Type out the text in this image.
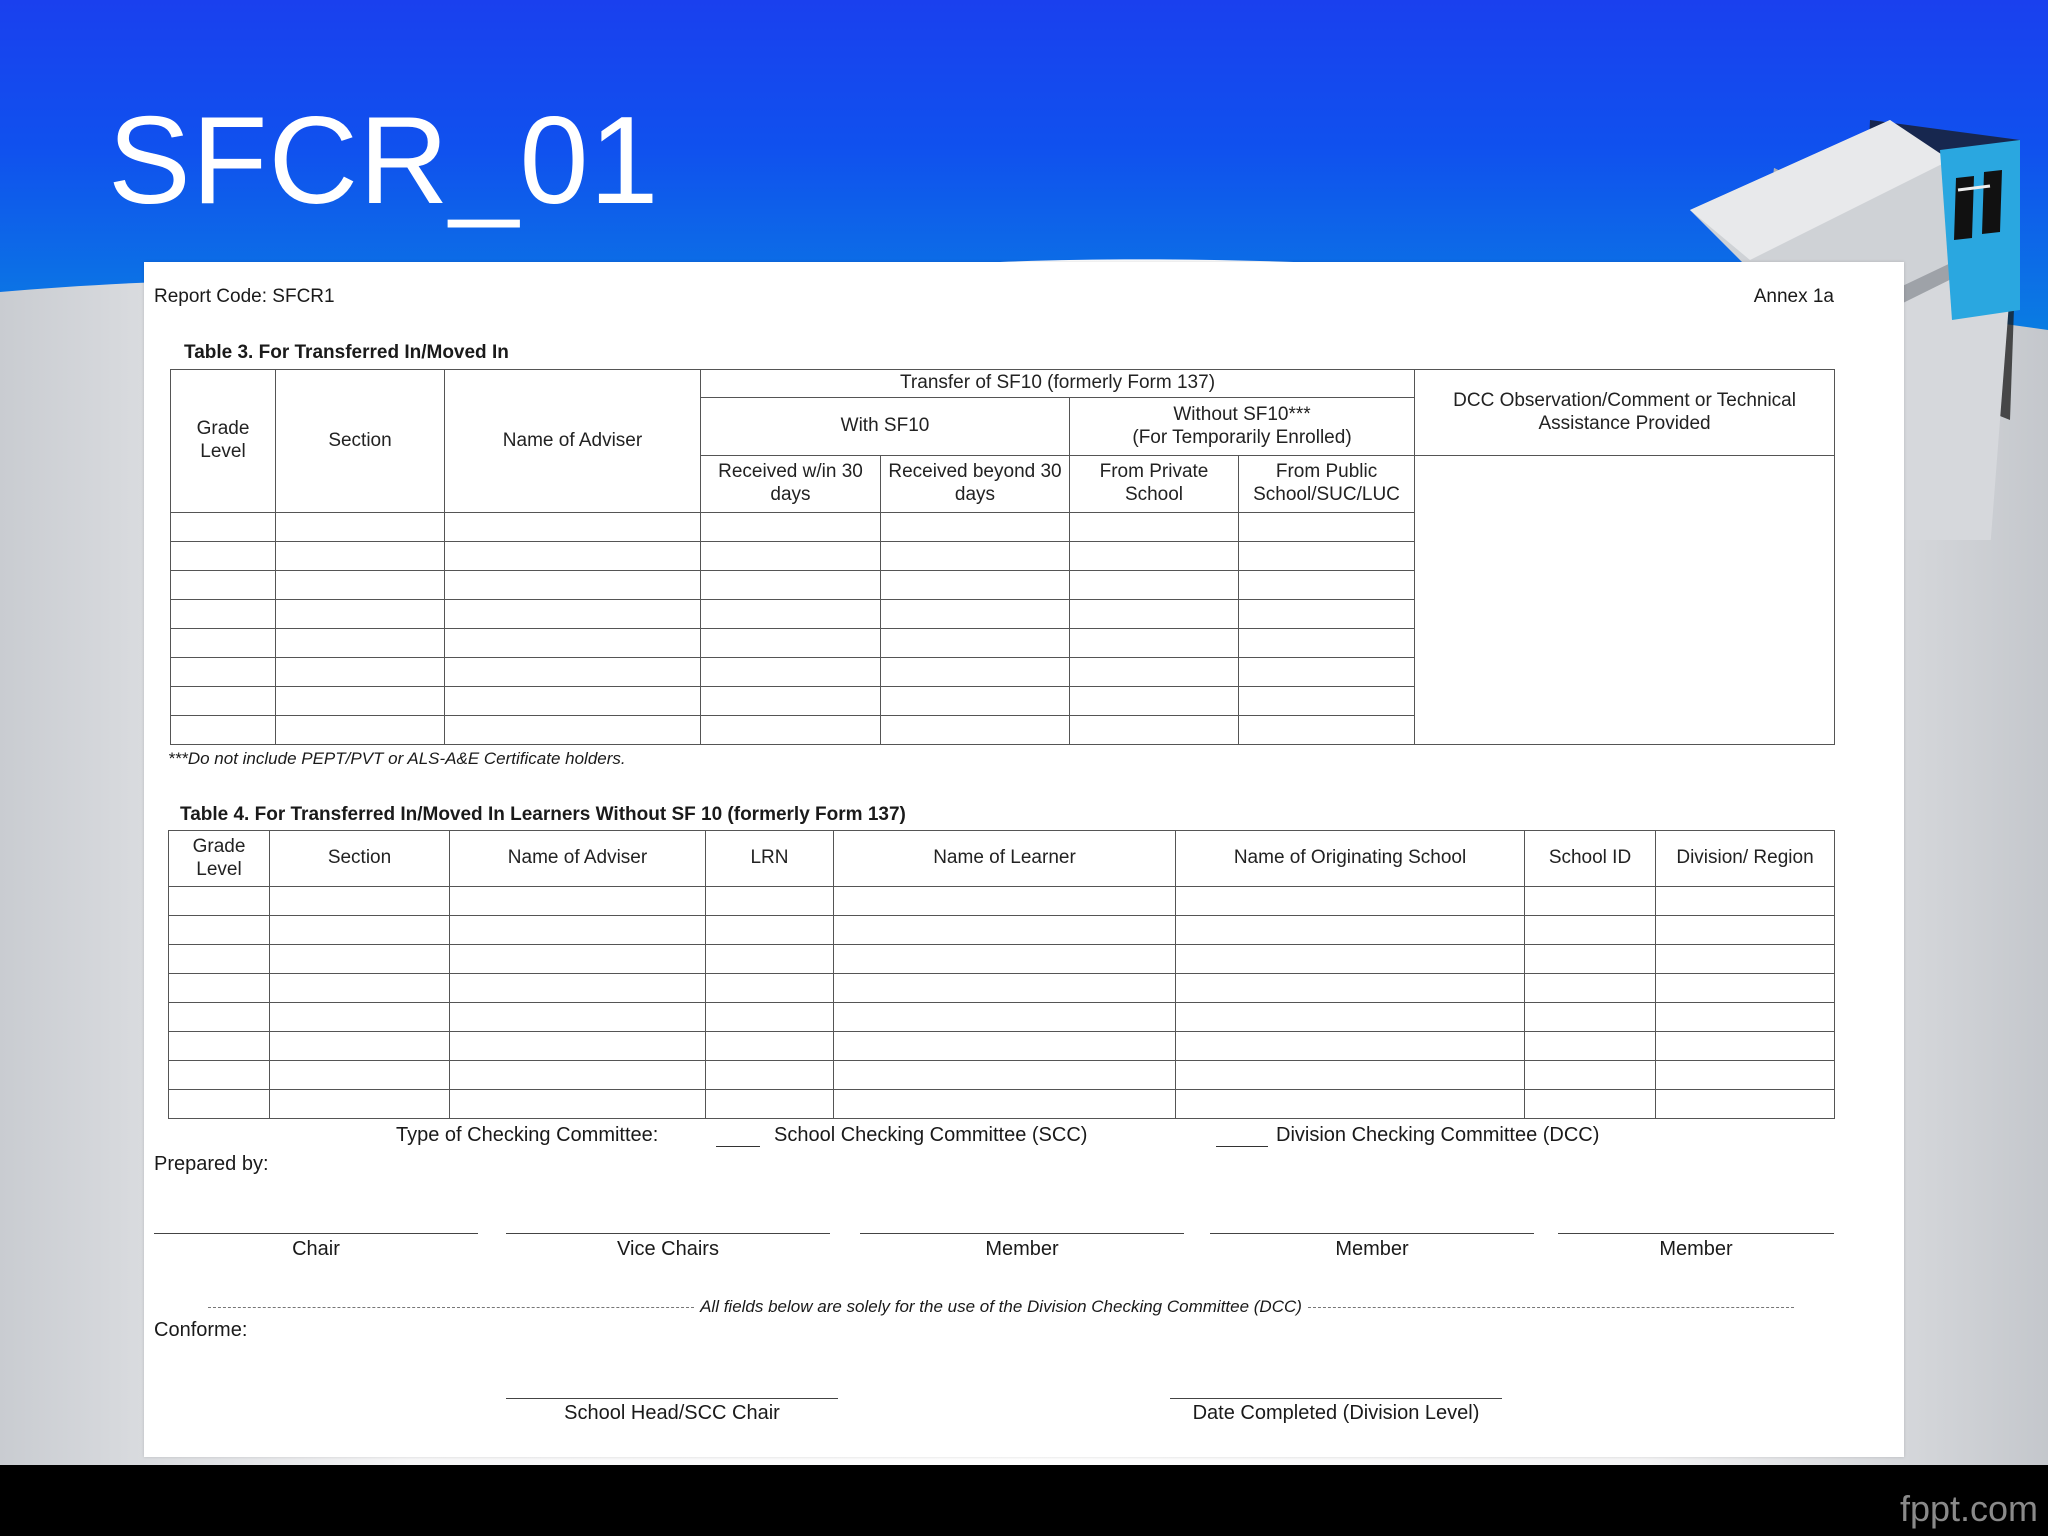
SFCR_01
Report Code: SFCR1	Annex 1a
Table 3. For Transferred In/Moved In
Grade Level	Section	Name of Adviser	Transfer of SF10 (formerly Form 137)				DCC Observation/Comment or Technical Assistance Provided
			With SF10		Without SF10***
(For Temporarily Enrolled)		

			Received w/in 30 days	Received beyond 30 days	From Private School	From Public School/SUC/LUC	

***Do not include PEPT/PVT or ALS-A&E Certificate holders.
Table 4. For Transferred In/Moved In Learners Without SF 10 (formerly Form 137)
Grade Level	Section	Name of Adviser	LRN	Name of Learner	Name of Originating School	School ID	Division/ Region

Type of Checking Committee:	School Checking Committee (SCC)	Division Checking Committee (DCC)
Prepared by:
Chair	Vice Chairs	Member	Member	Member
All fields below are solely for the use of the Division Checking Committee (DCC)
Conforme:
School Head/SCC Chair	Date Completed (Division Level)
fppt.com
